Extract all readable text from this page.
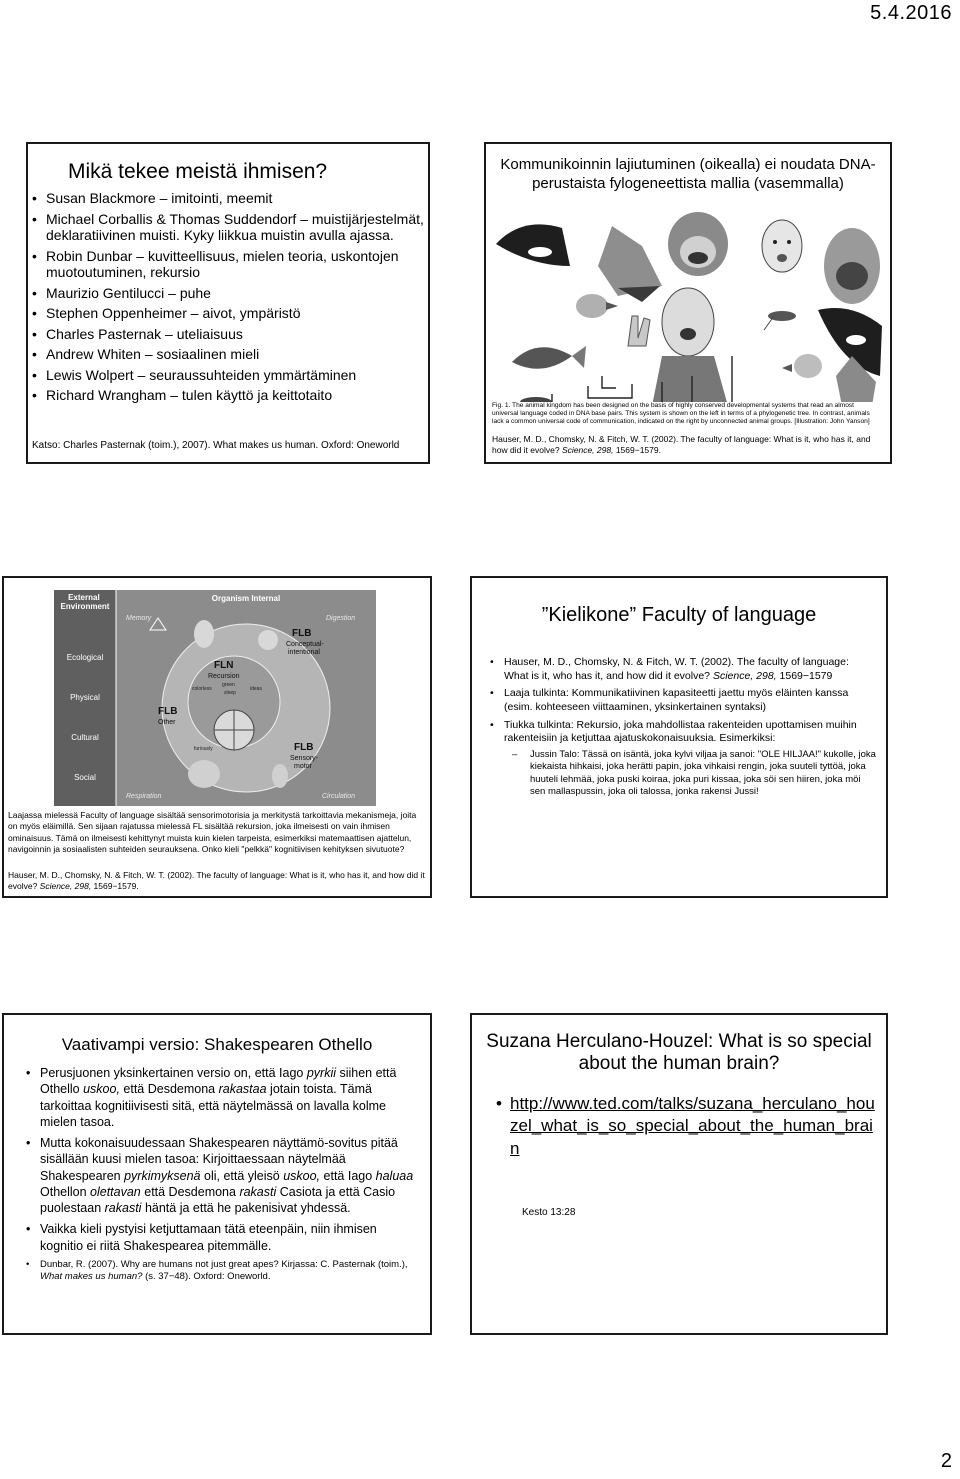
5.4.2016
Mikä tekee meistä ihmisen?
• Susan Blackmore – imitointi, meemit
• Michael Corballis & Thomas Suddendorf – muistijärjestelmät, deklaratiivinen muisti. Kyky liikkua muistin avulla ajassa.
• Robin Dunbar – kuvitteellisuus, mielen teoria, uskontojen muotoutuminen, rekursio
• Maurizio Gentilucci – puhe
• Stephen Oppenheimer – aivot, ympäristö
• Charles Pasternak – uteliaisuus
• Andrew Whiten – sosiaalinen mieli
• Lewis Wolpert – seuraussuhteiden ymmärtäminen
• Richard Wrangham – tulen käyttö ja keittotaito
Katso: Charles Pasternak (toim.), 2007). What makes us human. Oxford: Oneworld
Kommunikoinnin lajiutuminen (oikealla) ei noudata DNA-perustaista fylogeneettista mallia (vasemmalla)
Fig. 1. The animal kingdom has been designed on the basis of highly conserved developmental systems that read an almost
universal language coded in DNA base pairs. This system is shown on the left in terms of a phylogenetic tree. In contrast, animals
lack a common universal code of communication, indicated on the right by unconnected animal groups. [Illustration: John Yanson]
Hauser, M. D., Chomsky, N. & Fitch, W. T. (2002). The faculty of language: What is it, who has it, and how did it evolve? Science, 298, 1569−1579.
External Environment
Organism Internal
Ecological
Physical
Cultural
Social
Memory	Digestion
Respiration	Circulation
FLB
Conceptual-intentional
FLN
Recursion
FLB
Other
FLB
Sensory-motor
colorless
green
ideas
sleep
furiously
Laajassa mielessä Faculty of language sisältää sensorimotorisia ja merkitystä tarkoittavia mekanismeja, joita on myös eläimillä. Sen sijaan rajatussa mielessä FL sisältää rekursion, joka ilmeisesti on vain ihmisen ominaisuus. Tämä on ilmeisesti kehittynyt muista kuin kielen tarpeista, esimerkiksi matemaattisen ajattelun, navigoinnin ja sosiaalisten suhteiden seurauksena. Onko kieli "pelkkä" kognitiivisen kehityksen sivutuote?
Hauser, M. D., Chomsky, N. & Fitch, W. T. (2002). The faculty of language: What is it, who has it, and how did it evolve? Science, 298, 1569−1579.
”Kielikone” Faculty of language
• Hauser, M. D., Chomsky, N. & Fitch, W. T. (2002). The faculty of language: What is it, who has it, and how did it evolve? Science, 298, 1569−1579
• Laaja tulkinta: Kommunikatiivinen kapasiteetti jaettu myös eläinten kanssa (esim. kohteeseen viittaaminen, yksinkertainen syntaksi)
• Tiukka tulkinta: Rekursio, joka mahdollistaa rakenteiden upottamisen muihin rakenteisiin ja ketjuttaa ajatuskokonaisuuksia. Esimerkiksi:
– Jussin Talo: Tässä on isäntä, joka kylvi viljaa ja sanoi: "OLE HILJAA!" kukolle, joka kiekaista hihkaisi, joka herätti papin, joka vihkaisi rengin, joka suuteli tyttöä, joka huuteli lehmää, joka puski koiraa, joka puri kissaa, joka söi sen hiiren, joka möi sen mallaspussin, joka oli talossa, jonka rakensi Jussi!
Vaativampi versio: Shakespearen Othello
• Perusjuonen yksinkertainen versio on, että Iago pyrkii siihen että Othello uskoo, että Desdemona rakastaa jotain toista. Tämä tarkoittaa kognitiivisesti sitä, että näytelmässä on lavalla kolme mielen tasoa.
• Mutta kokonaisuudessaan Shakespearen näyttämö-sovitus pitää sisällään kuusi mielen tasoa: Kirjoittaessaan näytelmää Shakespearen pyrkimyksenä oli, että yleisö uskoo, että Iago haluaa Othellon olettavan että Desdemona rakasti Casiota ja että Casio puolestaan rakasti häntä ja että he pakenisivat yhdessä.
• Vaikka kieli pystyisi ketjuttamaan tätä eteenpäin, niin ihmisen kognitio ei riitä Shakespearea pitemmälle.
• Dunbar, R. (2007). Why are humans not just great apes? Kirjassa: C. Pasternak (toim.), What makes us human? (s. 37−48). Oxford: Oneworld.
Suzana Herculano-Houzel: What is so special about the human brain?
• http://www.ted.com/talks/suzana_herculano_houzel_what_is_so_special_about_the_human_brain
Kesto 13:28
2
